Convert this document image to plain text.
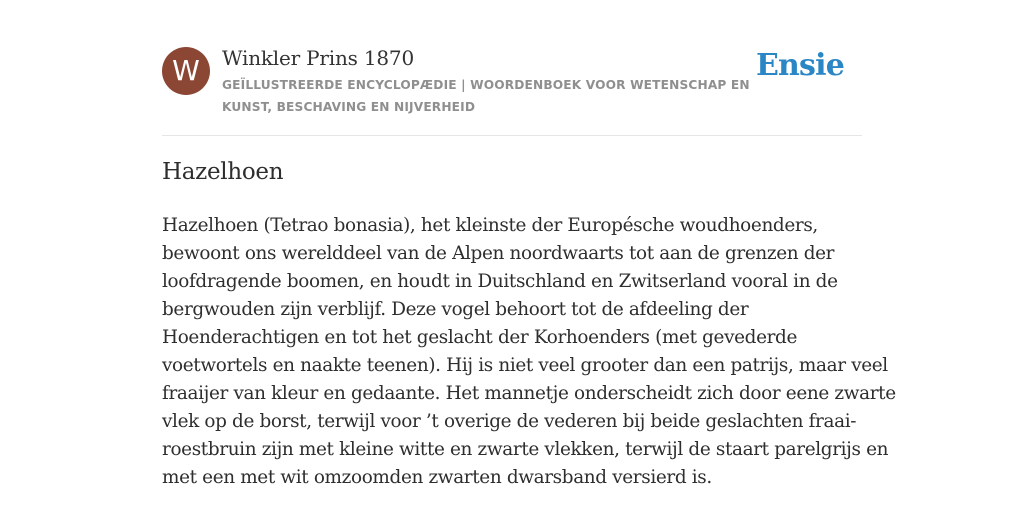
W	Winkler Prins 1870
GEÏLLUSTREERDE ENCYCLOPÆDIE | WOORDENBOEK VOOR WETENSCHAP EN KUNST, BESCHAVING EN NIJVERHEID
Ensie
Hazelhoen

Hazelhoen (Tetrao bonasia), het kleinste der Europésche woudhoenders,
bewoont ons werelddeel van de Alpen noordwaarts tot aan de grenzen der
loofdragende boomen, en houdt in Duitschland en Zwitserland vooral in de
bergwouden zijn verblijf. Deze vogel behoort tot de afdeeling der
Hoenderachtigen en tot het geslacht der Korhoenders (met gevederde
voetwortels en naakte teenen). Hij is niet veel grooter dan een patrijs, maar veel
fraaijer van kleur en gedaante. Het mannetje onderscheidt zich door eene zwarte
vlek op de borst, terwijl voor ’t overige de vederen bij beide geslachten fraai-
roestbruin zijn met kleine witte en zwarte vlekken, terwijl de staart parelgrijs en
met een met wit omzoomden zwarten dwarsband versierd is.
